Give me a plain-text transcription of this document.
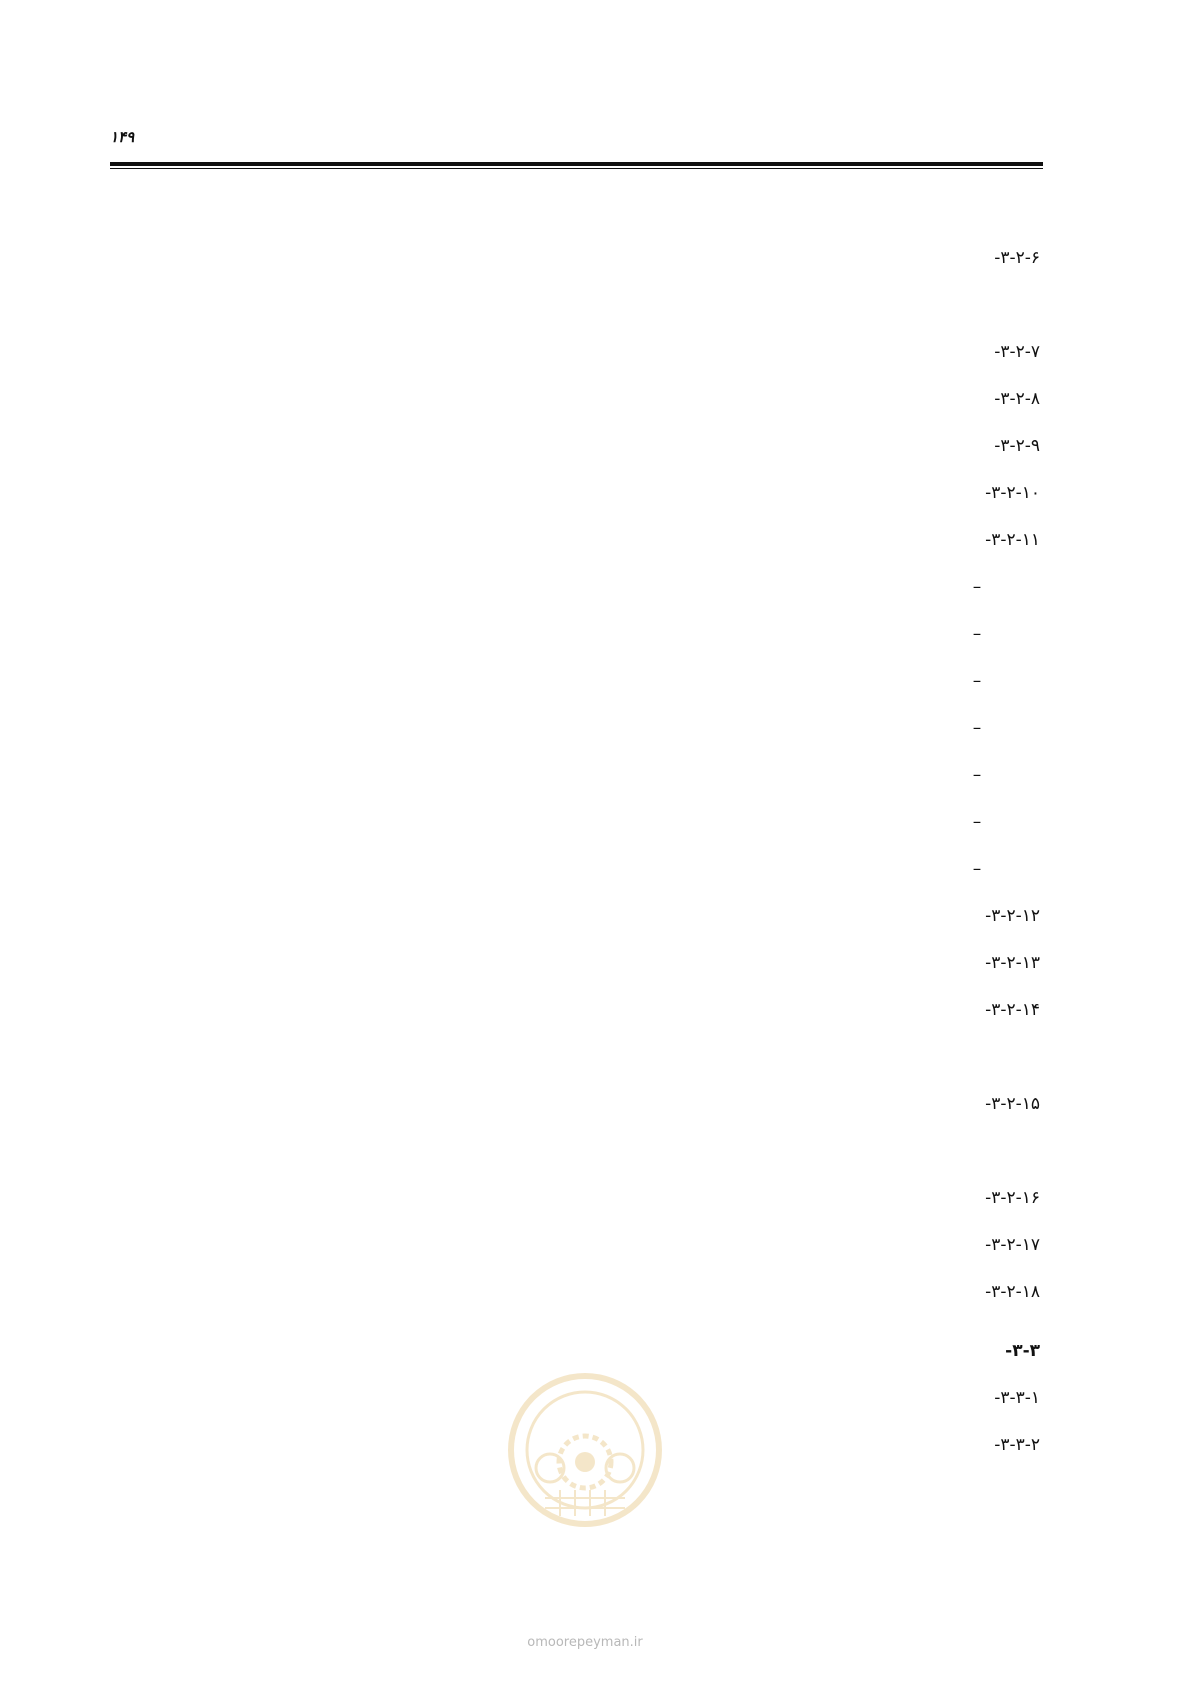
۱۴۹
۳-۲-۶-
۳-۲-۷-
۳-۲-۸-
۳-۲-۹-
۳-۲-۱۰-
۳-۲-۱۱-
–
–
–
–
–
–
–
۳-۲-۱۲-
۳-۲-۱۳-
۳-۲-۱۴-
۳-۲-۱۵-
۳-۲-۱۶-
۳-۲-۱۷-
۳-۲-۱۸-
۳-۳-
۳-۳-۱-
۳-۳-۲-
omoorepeyman.ir
